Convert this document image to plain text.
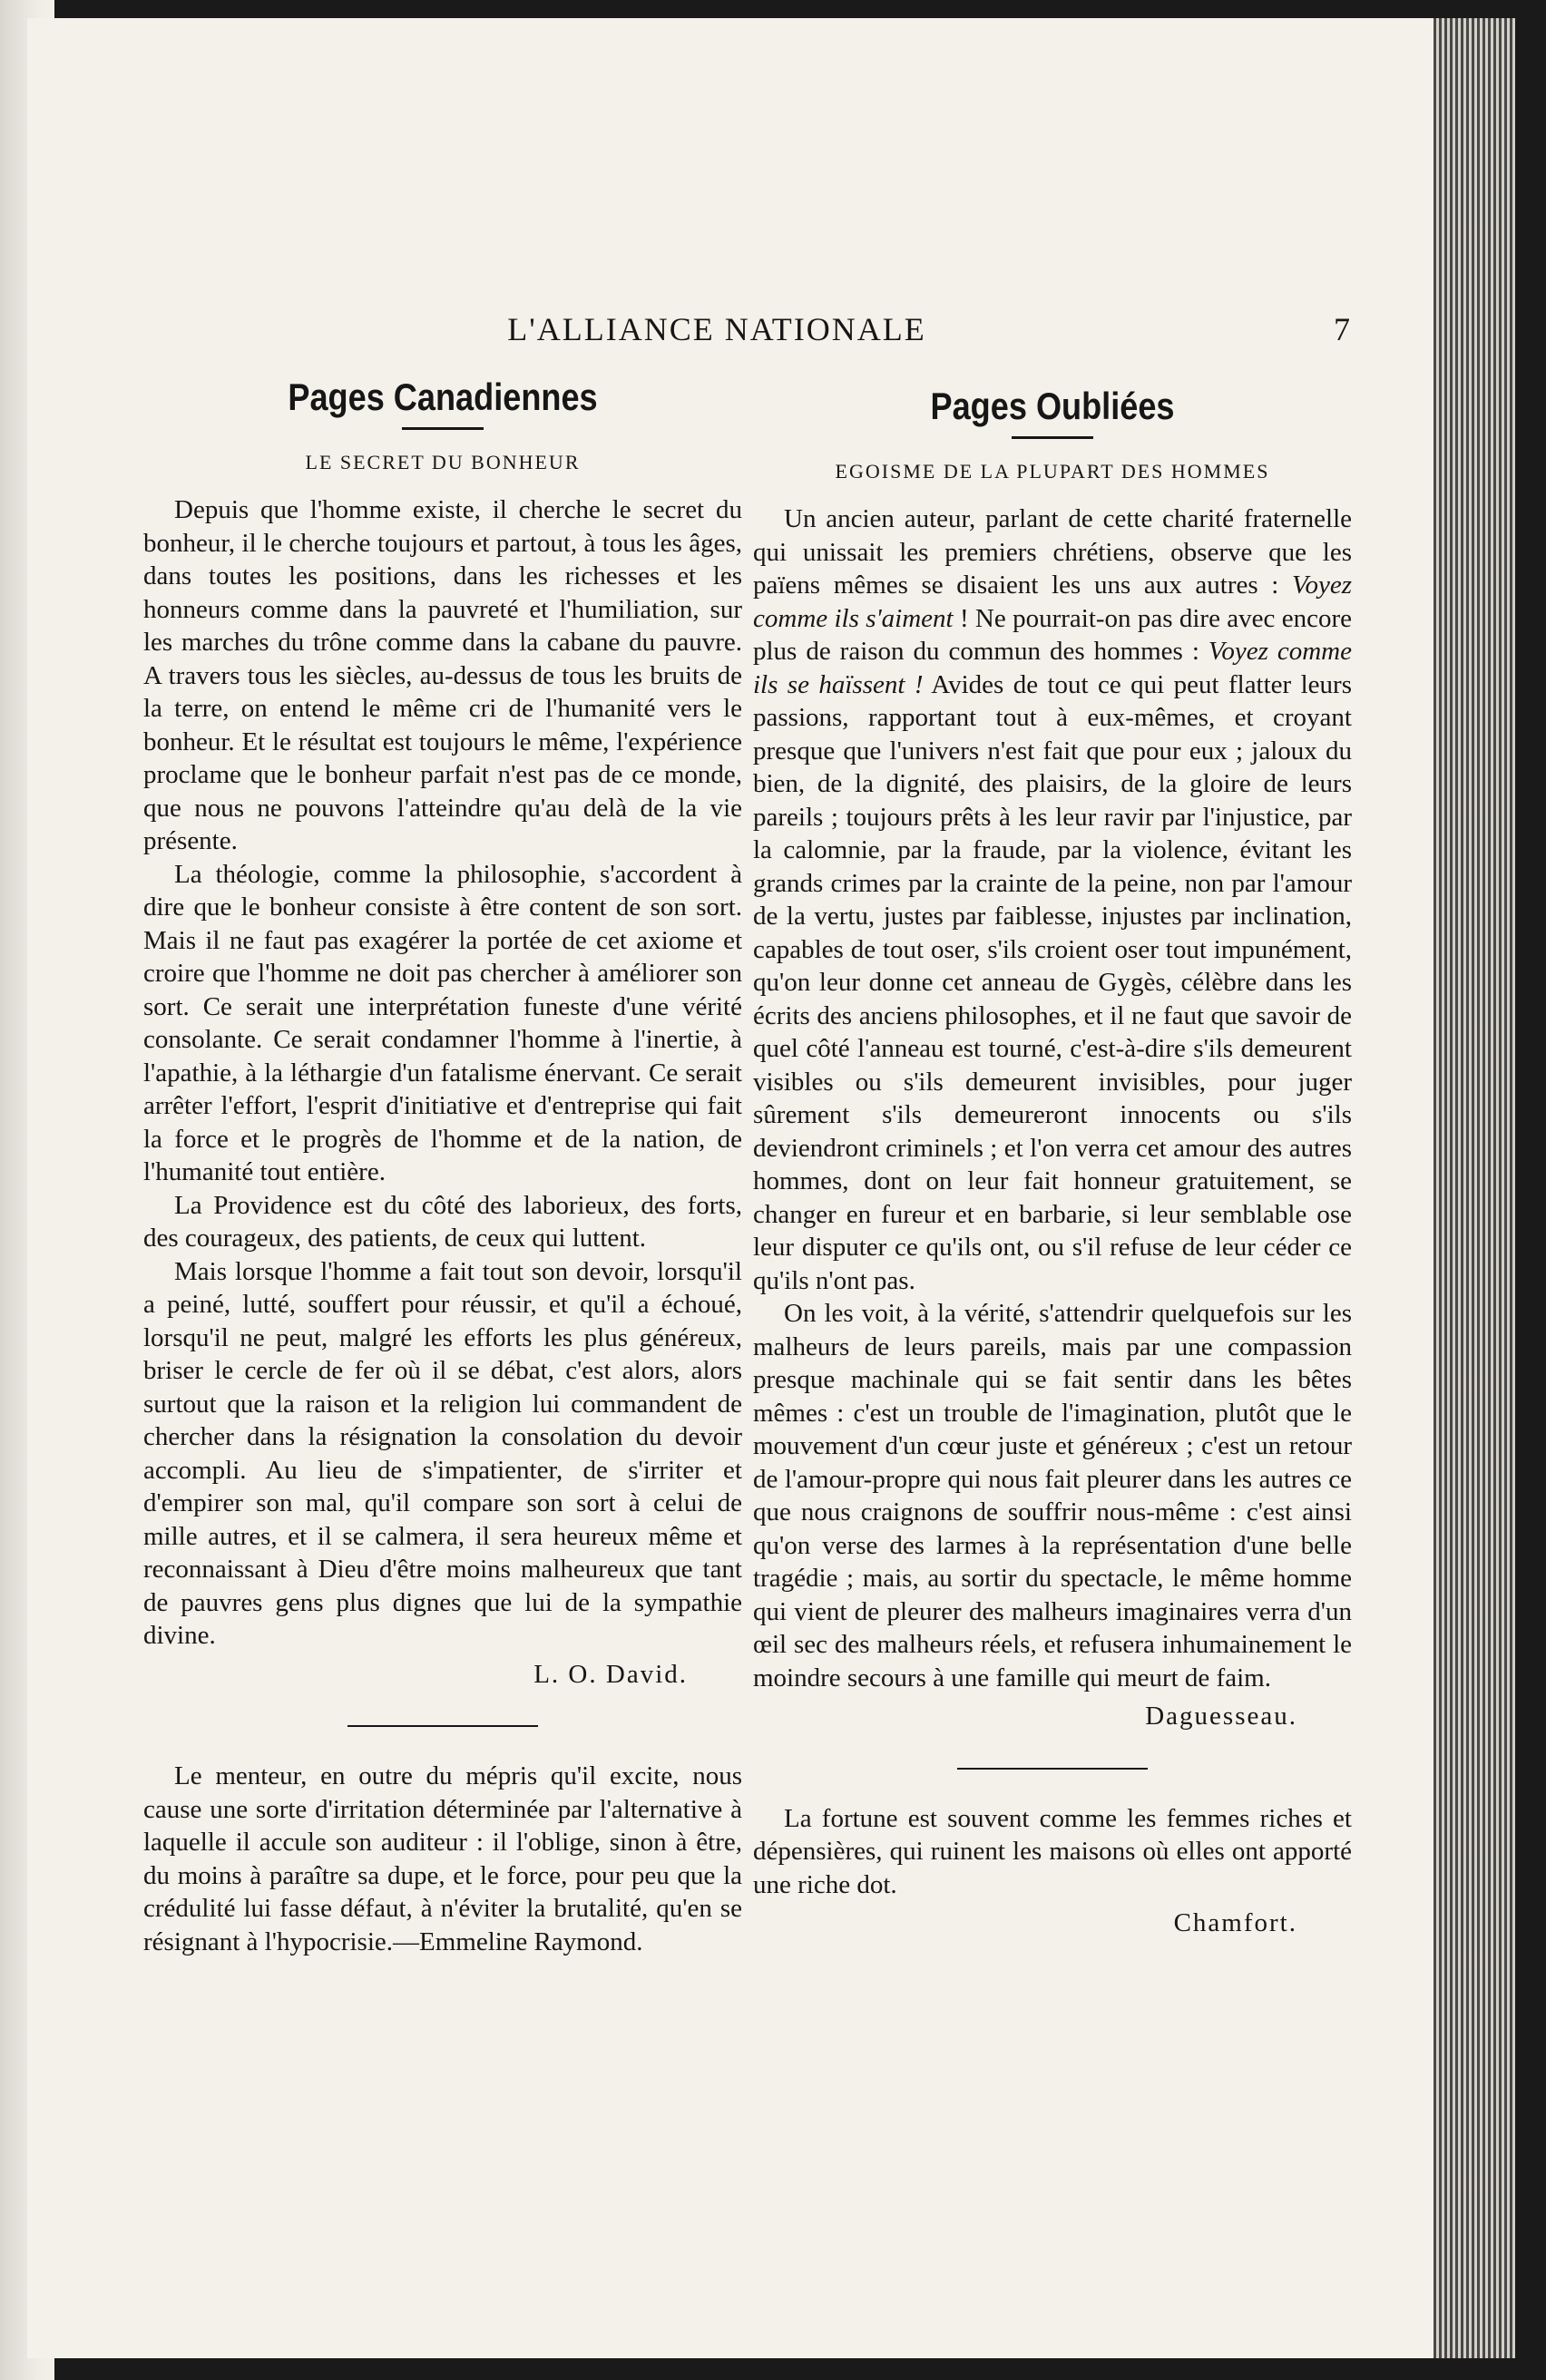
L'ALLIANCE NATIONALE	7
Pages Canadiennes
LE SECRET DU BONHEUR

Depuis que l'homme existe, il cherche le secret du bonheur, il le cherche toujours et partout, à tous les âges, dans toutes les positions, dans les richesses et les honneurs comme dans la pauvreté et l'humiliation, sur les marches du trône comme dans la cabane du pauvre. A travers tous les siècles, au-dessus de tous les bruits de la terre, on entend le même cri de l'humanité vers le bonheur. Et le résultat est toujours le même, l'expérience proclame que le bonheur parfait n'est pas de ce monde, que nous ne pouvons l'atteindre qu'au delà de la vie présente.

La théologie, comme la philosophie, s'accordent à dire que le bonheur consiste à être content de son sort. Mais il ne faut pas exagérer la portée de cet axiome et croire que l'homme ne doit pas chercher à améliorer son sort. Ce serait une interprétation funeste d'une vérité consolante. Ce serait condamner l'homme à l'inertie, à l'apathie, à la léthargie d'un fatalisme énervant. Ce serait arrêter l'effort, l'esprit d'initiative et d'entreprise qui fait la force et le progrès de l'homme et de la nation, de l'humanité tout entière.

La Providence est du côté des laborieux, des forts, des courageux, des patients, de ceux qui luttent.

Mais lorsque l'homme a fait tout son devoir, lorsqu'il a peiné, lutté, souffert pour réussir, et qu'il a échoué, lorsqu'il ne peut, malgré les efforts les plus généreux, briser le cercle de fer où il se débat, c'est alors, alors surtout que la raison et la religion lui commandent de chercher dans la résignation la consolation du devoir accompli. Au lieu de s'impatienter, de s'irriter et d'empirer son mal, qu'il compare son sort à celui de mille autres, et il se calmera, il sera heureux même et reconnaissant à Dieu d'être moins malheureux que tant de pauvres gens plus dignes que lui de la sympathie divine.

L. O. David.

Le menteur, en outre du mépris qu'il excite, nous cause une sorte d'irritation déterminée par l'alternative à laquelle il accule son auditeur : il l'oblige, sinon à être, du moins à paraître sa dupe, et le force, pour peu que la crédulité lui fasse défaut, à n'éviter la brutalité, qu'en se résignant à l'hypocrisie.—Emmeline Raymond.

Pages Oubliées
EGOISME DE LA PLUPART DES HOMMES

Un ancien auteur, parlant de cette charité fraternelle qui unissait les premiers chrétiens, observe que les païens mêmes se disaient les uns aux autres : Voyez comme ils s'aiment ! Ne pourrait-on pas dire avec encore plus de raison du commun des hommes : Voyez comme ils se haïssent ! Avides de tout ce qui peut flatter leurs passions, rapportant tout à eux-mêmes, et croyant presque que l'univers n'est fait que pour eux ; jaloux du bien, de la dignité, des plaisirs, de la gloire de leurs pareils ; toujours prêts à les leur ravir par l'injustice, par la calomnie, par la fraude, par la violence, évitant les grands crimes par la crainte de la peine, non par l'amour de la vertu, justes par faiblesse, injustes par inclination, capables de tout oser, s'ils croient oser tout impunément, qu'on leur donne cet anneau de Gygès, célèbre dans les écrits des anciens philosophes, et il ne faut que savoir de quel côté l'anneau est tourné, c'est-à-dire s'ils demeurent visibles ou s'ils demeurent invisibles, pour juger sûrement s'ils demeureront innocents ou s'ils deviendront criminels ; et l'on verra cet amour des autres hommes, dont on leur fait honneur gratuitement, se changer en fureur et en barbarie, si leur semblable ose leur disputer ce qu'ils ont, ou s'il refuse de leur céder ce qu'ils n'ont pas.

On les voit, à la vérité, s'attendrir quelquefois sur les malheurs de leurs pareils, mais par une compassion presque machinale qui se fait sentir dans les bêtes mêmes : c'est un trouble de l'imagination, plutôt que le mouvement d'un cœur juste et généreux ; c'est un retour de l'amour-propre qui nous fait pleurer dans les autres ce que nous craignons de souffrir nous-même : c'est ainsi qu'on verse des larmes à la représentation d'une belle tragédie ; mais, au sortir du spectacle, le même homme qui vient de pleurer des malheurs imaginaires verra d'un œil sec des malheurs réels, et refusera inhumainement le moindre secours à une famille qui meurt de faim.

Daguesseau.

La fortune est souvent comme les femmes riches et dépensières, qui ruinent les maisons où elles ont apporté une riche dot.

Chamfort.
